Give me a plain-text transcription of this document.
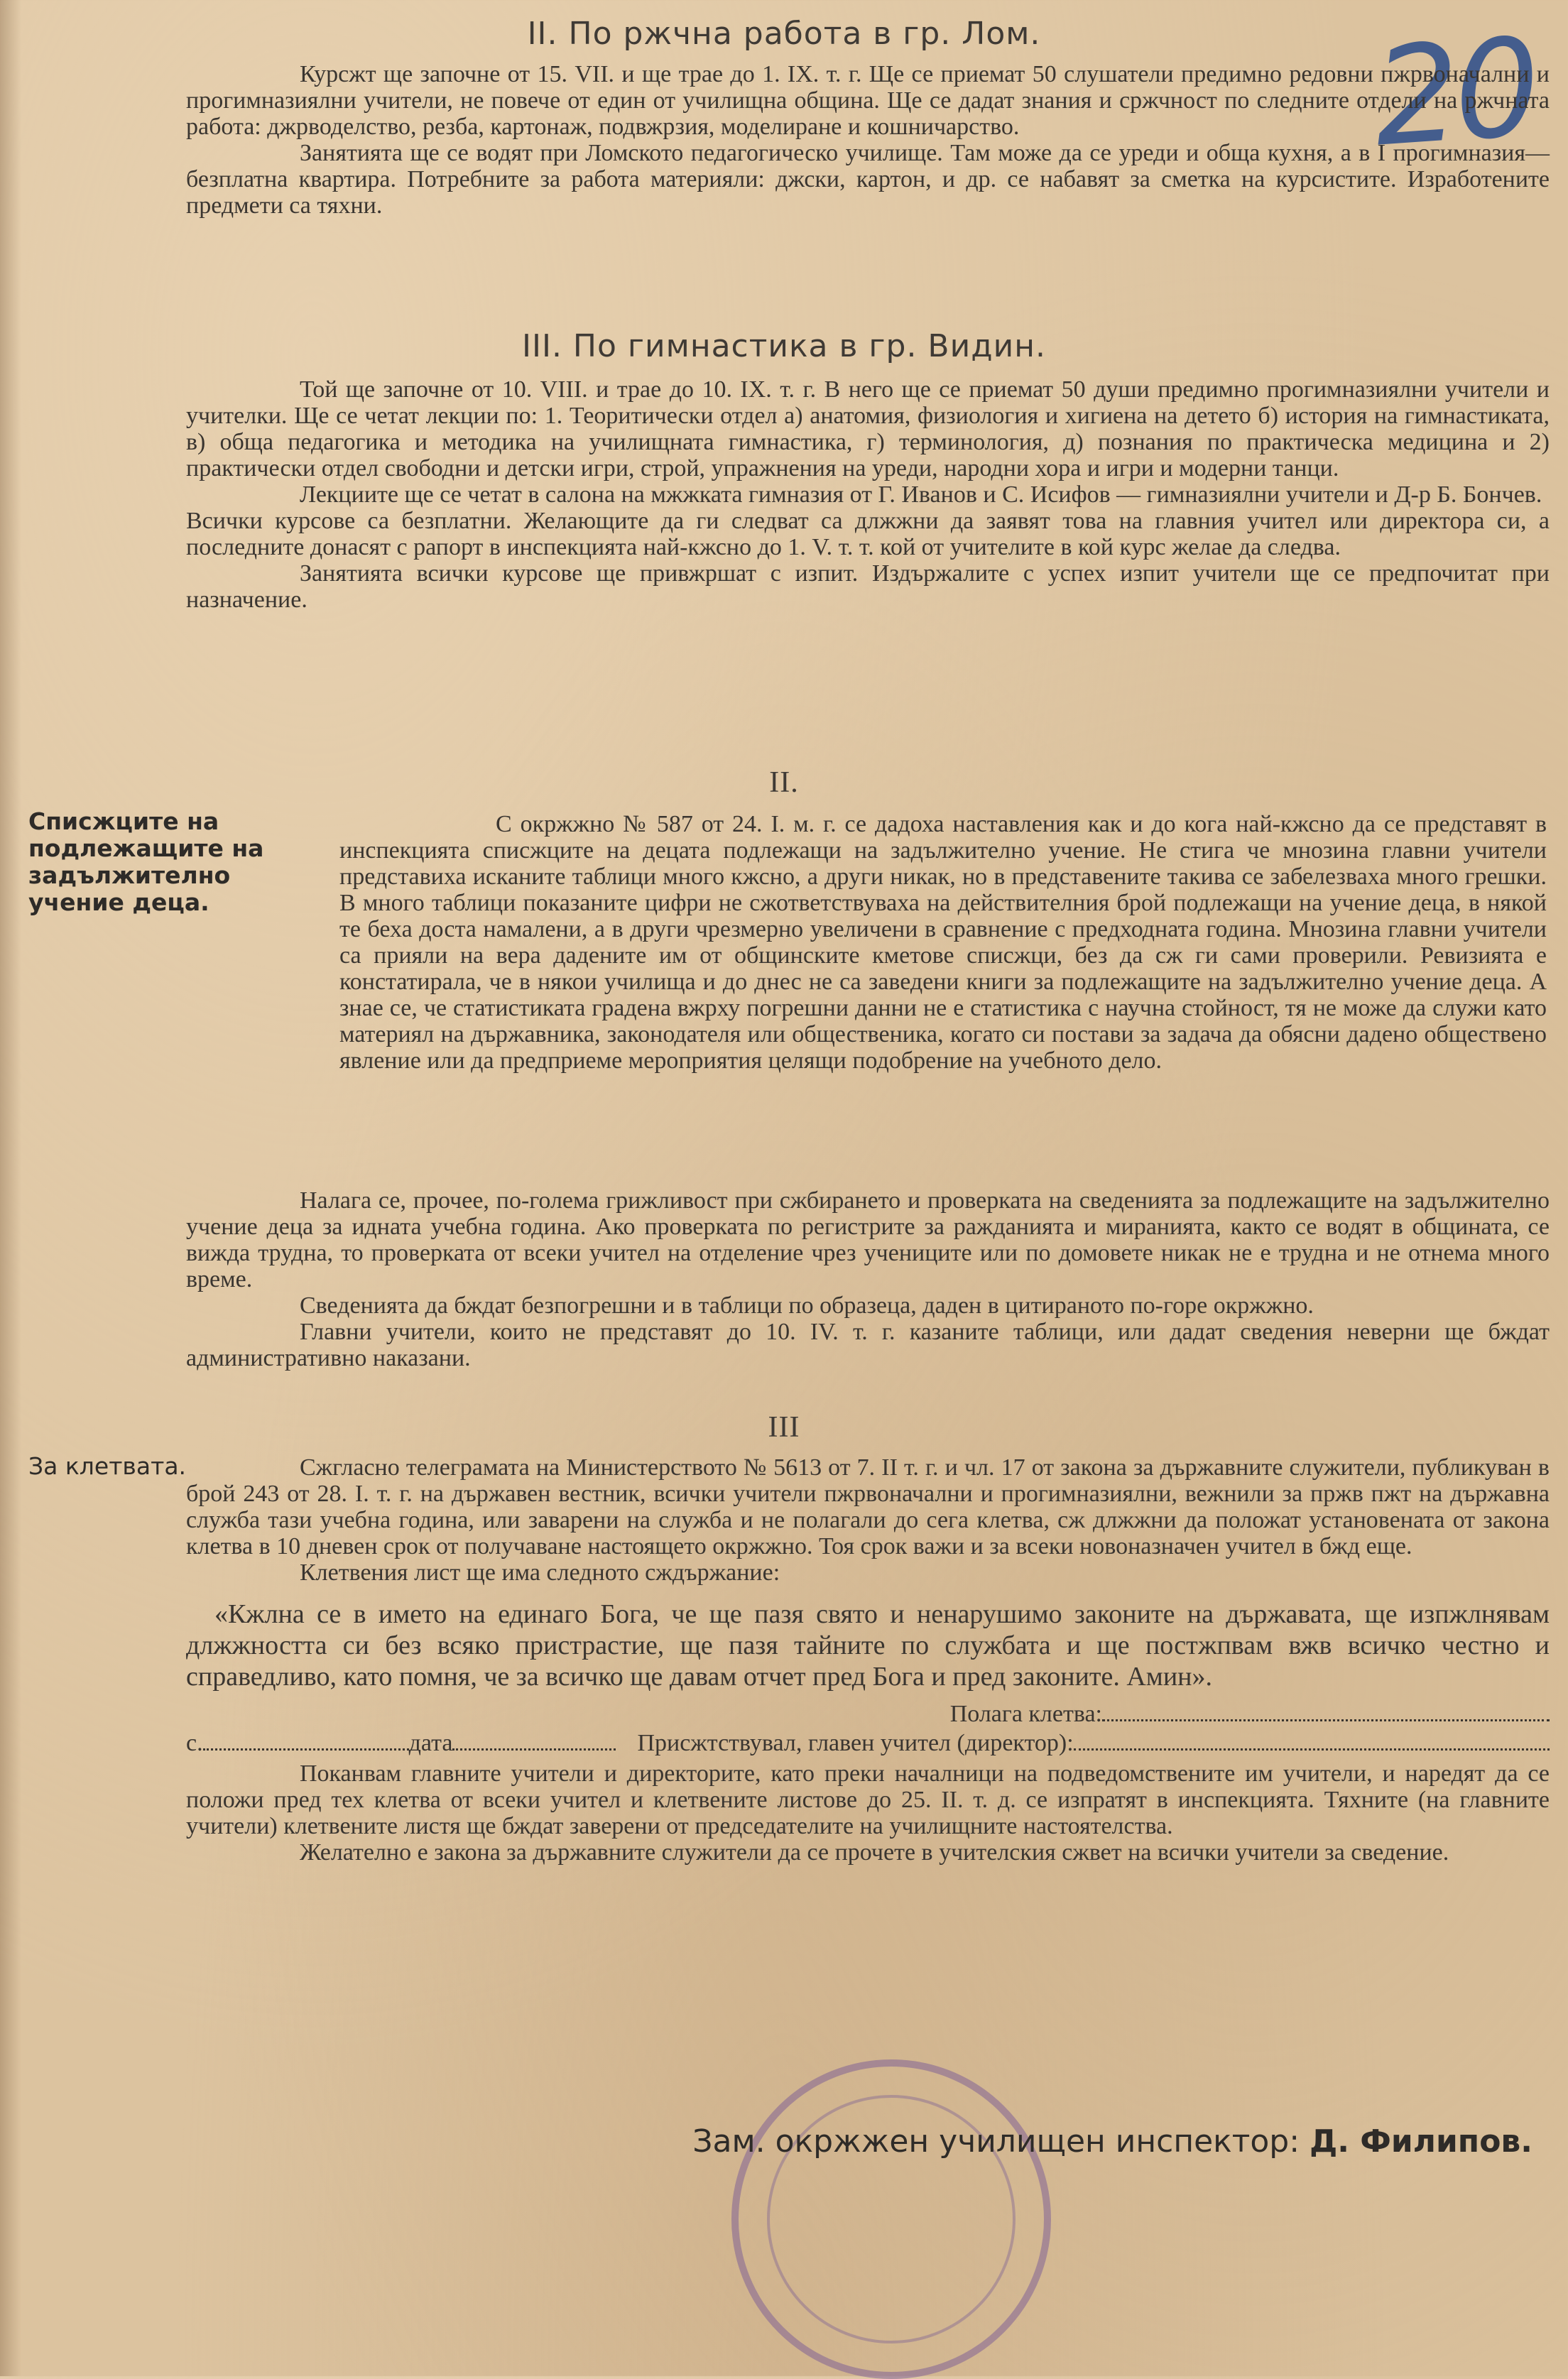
20
II. По ржчна работа в гр. Лом.

Курсжт ще започне от 15. VII. и ще трае до 1. IX. т. г. Ще се приемат 50 слушатели предимно редовни пжрвоначални и прогимназиялни учители, не повече от един от училищна община. Ще се дадат знания и сржчност по следните отдели на ржчната работа: джрводелство, резба, картонаж, подвжрзия, моделиране и кошничарство.

Занятията ще се водят при Ломското педагогическо училище. Там може да се уреди и обща кухня, а в I прогимназия—безплатна квартира. Потребните за работа материяли: джски, картон, и др. се набавят за сметка на курсистите. Изработените предмети са тяхни.

III. По гимнастика в гр. Видин.

Той ще започне от 10. VIII. и трае до 10. IX. т. г. В него ще се приемат 50 души предимно прогимназиялни учители и учителки. Ще се четат лекции по: 1. Теоритически отдел а) анатомия, физиология и хигиена на детето б) история на гимнастиката, в) обща педагогика и методика на училищната гимнастика, г) терминология, д) познания по практическа медицина и 2) практически отдел свободни и детски игри, строй, упражнения на уреди, народни хора и игри и модерни танци.

Лекциите ще се четат в салона на мжжката гимназия от Г. Иванов и С. Исифов — гимназиялни учители и Д-р Б. Бончев.

Всички курсове са безплатни. Желающите да ги следват са длжжни да заявят това на главния учител или директора си, а последните донасят с рапорт в инспекцията най-кжсно до 1. V. т. т. кой от учителите в кой курс желае да следва.

Занятията всички курсове ще привжршат с изпит. Издържалите с успех изпит учители ще се предпочитат при назначение.

II.
Списжците на подлежащите на задължително учение деца.

С окржжно № 587 от 24. I. м. г. се дадоха наставления как и до кога най-кжсно да се представят в инспекцията списжците на децата подлежащи на задължително учение. Не стига че мнозина главни учители представиха исканите таблици много кжсно, а други никак, но в представените такива се забелезваха много грешки. В много таблици показаните цифри не сжответствуваха на действителния брой подлежащи на учение деца, в някой те беха доста намалени, а в други чрезмерно увеличени в сравнение с предходната година. Мнозина главни учители са прияли на вера дадените им от общинските кметове списжци, без да сж ги сами проверили. Ревизията е констатирала, че в някои училища и до днес не са заведени книги за подлежащите на задължително учение деца. А знае се, че статистиката градена вжрху погрешни данни не е статистика с научна стойност, тя не може да служи като материял на държавника, законодателя или общественика, когато си постави за задача да обясни дадено обществено явление или да предприеме мероприятия целящи подобрение на учебното дело.

Налага се, прочее, по-голема грижливост при сжбирането и проверката на сведенията за подлежащите на задължително учение деца за идната учебна година. Ако проверката по регистрите за ражданията и миранията, както се водят в общината, се вижда трудна, то проверката от всеки учител на отделение чрез учениците или по домовете никак не е трудна и не отнема много време.

Сведенията да бждат безпогрешни и в таблици по образеца, даден в цитираното по-горе окржжно.

Главни учители, които не представят до 10. IV. т. г. казаните таблици, или дадат сведения неверни ще бждат административно наказани.

III
За клетвата.	Сжгласно телеграмата на Министерството № 5613 от 7. II т. г. и чл. 17 от закона за държавните служители, публикуван в брой 243 от 28. I. т. г. на държавен вестник, всички учители пжрвоначални и прогимназиялни, вежнили за пржв пжт на държавна служба тази учебна година, или заварени на служба и не полагали до сега клетва, сж длжжни да положат установената от закона клетва в 10 дневен срок от получаване настоящето окржжно. Тоя срок важи и за всеки новоназначен учител в бжд еще.

Клетвения лист ще има следното сждържание:

«Кжлна се в името на единаго Бога, че ще пазя свято и ненарушимо законите на държавата, ще изпжлнявам длжжността си без всяко пристрастие, ще пазя тайните по службата и ще постжпвам вжв всичко честно и справедливо, като помня, че за всичко ще давам отчет пред Бога и пред законите. Амин».

Полага клетва:
с.	дата	Присжтствувал, главен учител (директор):

Поканвам главните учители и директорите, като преки началници на подведомствените им учители, и наредят да се положи пред тех клетва от всеки учител и клетвените листове до 25. II. т. д. се изпратят в инспекцията. Тяхните (на главните учители) клетвените листя ще бждат заверени от председателите на училищните настоятелства.

Желателно е закона за държавните служители да се прочете в учителския сжвет на всички учители за сведение.

Зам. окржжен училищен инспектор: Д. Филипов.
